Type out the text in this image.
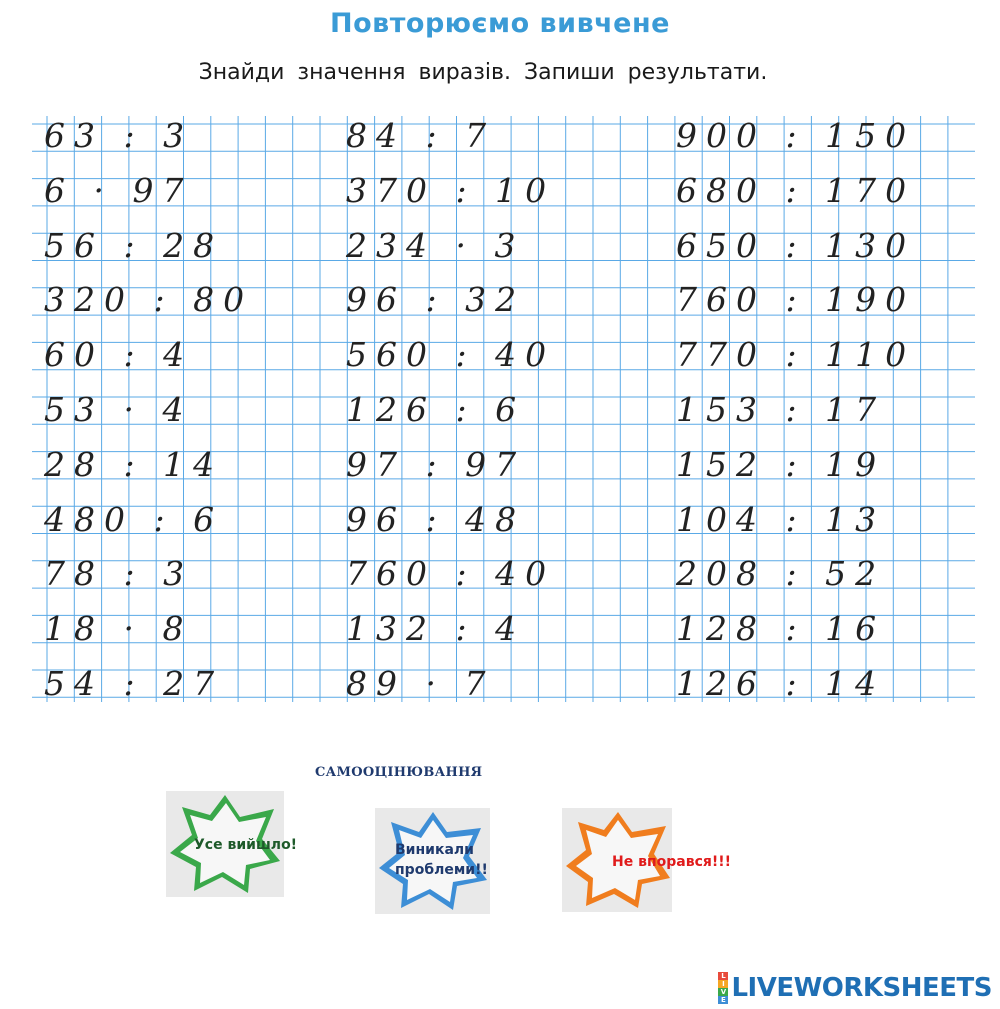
Повторюємо вивчене
Знайди значення виразів. Запиши результати.
63 : 3
6 · 97
56 : 28
320 : 80
60 : 4
53 · 4
28 : 14
480 : 6
78 : 3
18 · 8
54 : 27
84 : 7
370 : 10
234 · 3
96 : 32
560 : 40
126 : 6
97 : 97
96 : 48
760 : 40
132 : 4
89 · 7
900 : 150
680 : 170
650 : 130
760 : 190
770 : 110
153 : 17
152 : 19
104 : 13
208 : 52
128 : 16
126 : 14
САМООЦІНЮВАННЯ
Усе вийшло!	Виникали проблеми!!
Не впорався!!!
L
I
V
E LIVEWORKSHEETS
